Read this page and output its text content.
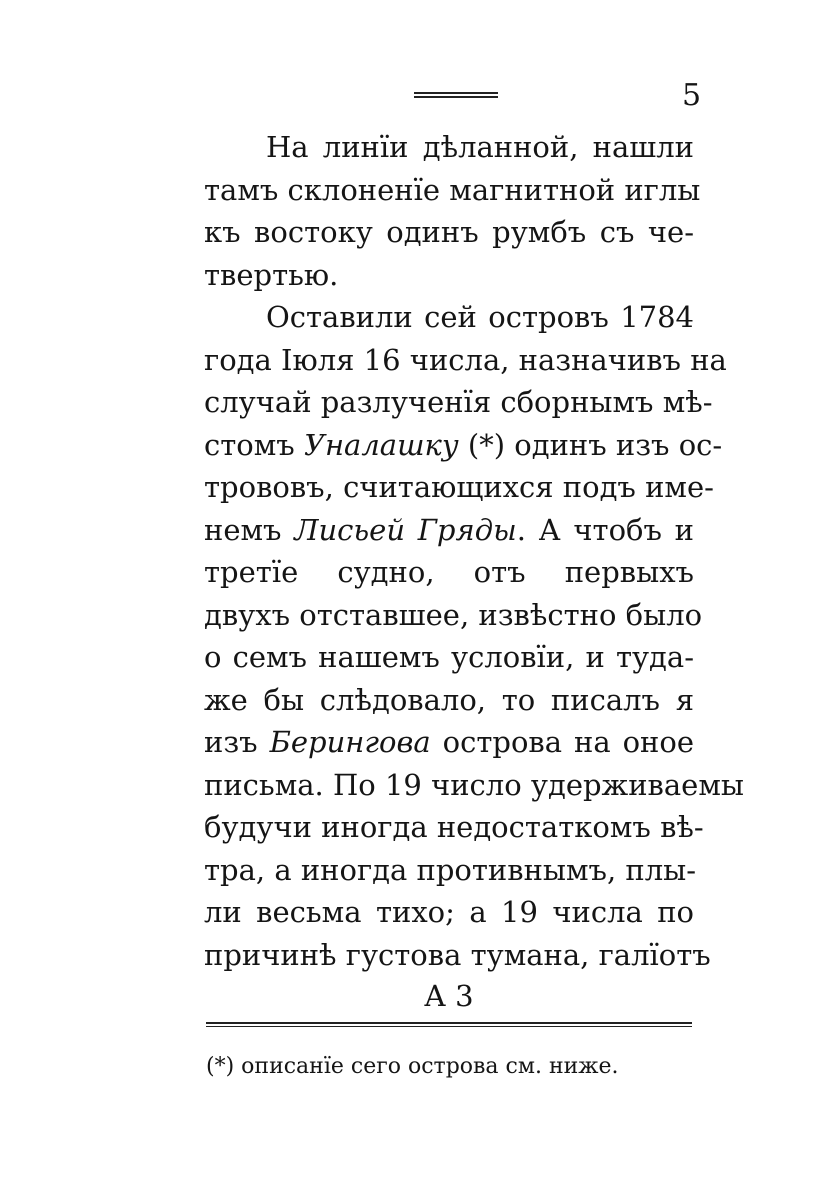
5
На линїи дѣланной, нашли
тамъ склоненїе магнитной иглы
къ востоку одинъ румбъ съ че-
твертью.
Оставили сей островъ 1784
года Iюля 16 числа, назначивъ на
случай разлученїя сборнымъ мѣ-
стомъ Уналашку (*) одинъ изъ ос-
трововъ, считающихся подъ име-
немъ Лисьей Гряды. А чтобъ и
третїе судно, отъ первыхъ
двухъ отставшее, извѣстно было
о семъ нашемъ условїи, и туда-
же бы слѣдовало, то писалъ я
изъ Берингова острова на оное
письма. По 19 число удерживаемы
будучи иногда недостаткомъ вѣ-
тра, а иногда противнымъ, плы-
ли весьма тихо; а 19 числа по
причинѣ густова тумана, галїотъ
А 3
(*) описанїе сего острова см. ниже.
